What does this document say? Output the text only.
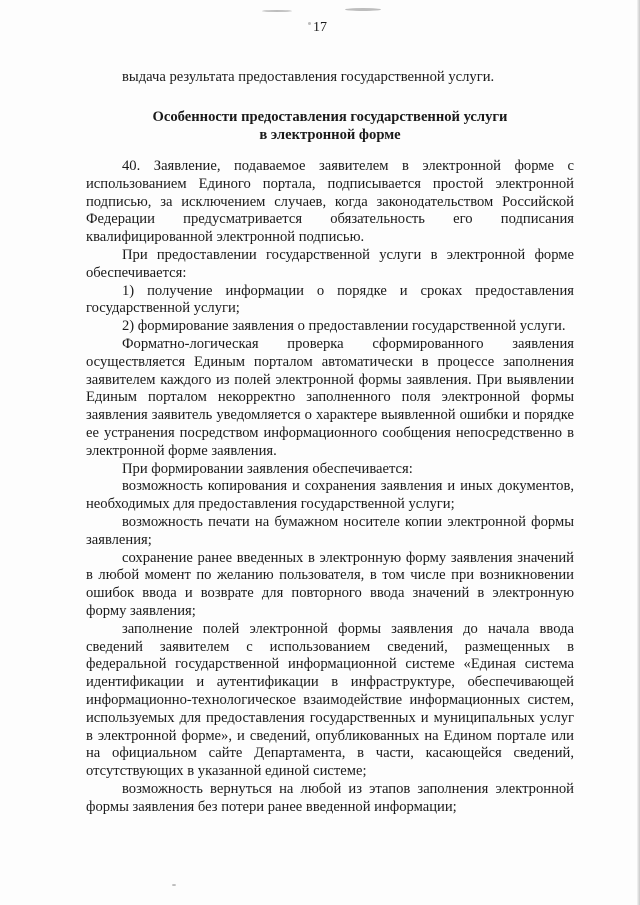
17
выдача результата предоставления государственной услуги.
Особенности предоставления государственной услуги
в электронной форме

40. Заявление, подаваемое заявителем в электронной форме с использованием Единого портала, подписывается простой электронной подписью, за исключением случаев, когда законодательством Российской Федерации предусматривается обязательность его подписания квалифицированной электронной подписью.

При предоставлении государственной услуги в электронной форме обеспечивается:

1) получение информации о порядке и сроках предоставления государственной услуги;

2) формирование заявления о предоставлении государственной услуги.

Форматно-логическая проверка сформированного заявления осуществляется Единым порталом автоматически в процессе заполнения заявителем каждого из полей электронной формы заявления. При выявлении Единым порталом некорректно заполненного поля электронной формы заявления заявитель уведомляется о характере выявленной ошибки и порядке ее устранения посредством информационного сообщения непосредственно в электронной форме заявления.

При формировании заявления обеспечивается:

возможность копирования и сохранения заявления и иных документов, необходимых для предоставления государственной услуги;

возможность печати на бумажном носителе копии электронной формы заявления;

сохранение ранее введенных в электронную форму заявления значений в любой момент по желанию пользователя, в том числе при возникновении ошибок ввода и возврате для повторного ввода значений в электронную форму заявления;

заполнение полей электронной формы заявления до начала ввода сведений заявителем с использованием сведений, размещенных в федеральной государственной информационной системе «Единая система идентификации и аутентификации в инфраструктуре, обеспечивающей информационно-технологическое взаимодействие информационных систем, используемых для предоставления государственных и муниципальных услуг в электронной форме», и сведений, опубликованных на Едином портале или на официальном сайте Департамента, в части, касающейся сведений, отсутствующих в указанной единой системе;

возможность вернуться на любой из этапов заполнения электронной формы заявления без потери ранее введенной информации;
